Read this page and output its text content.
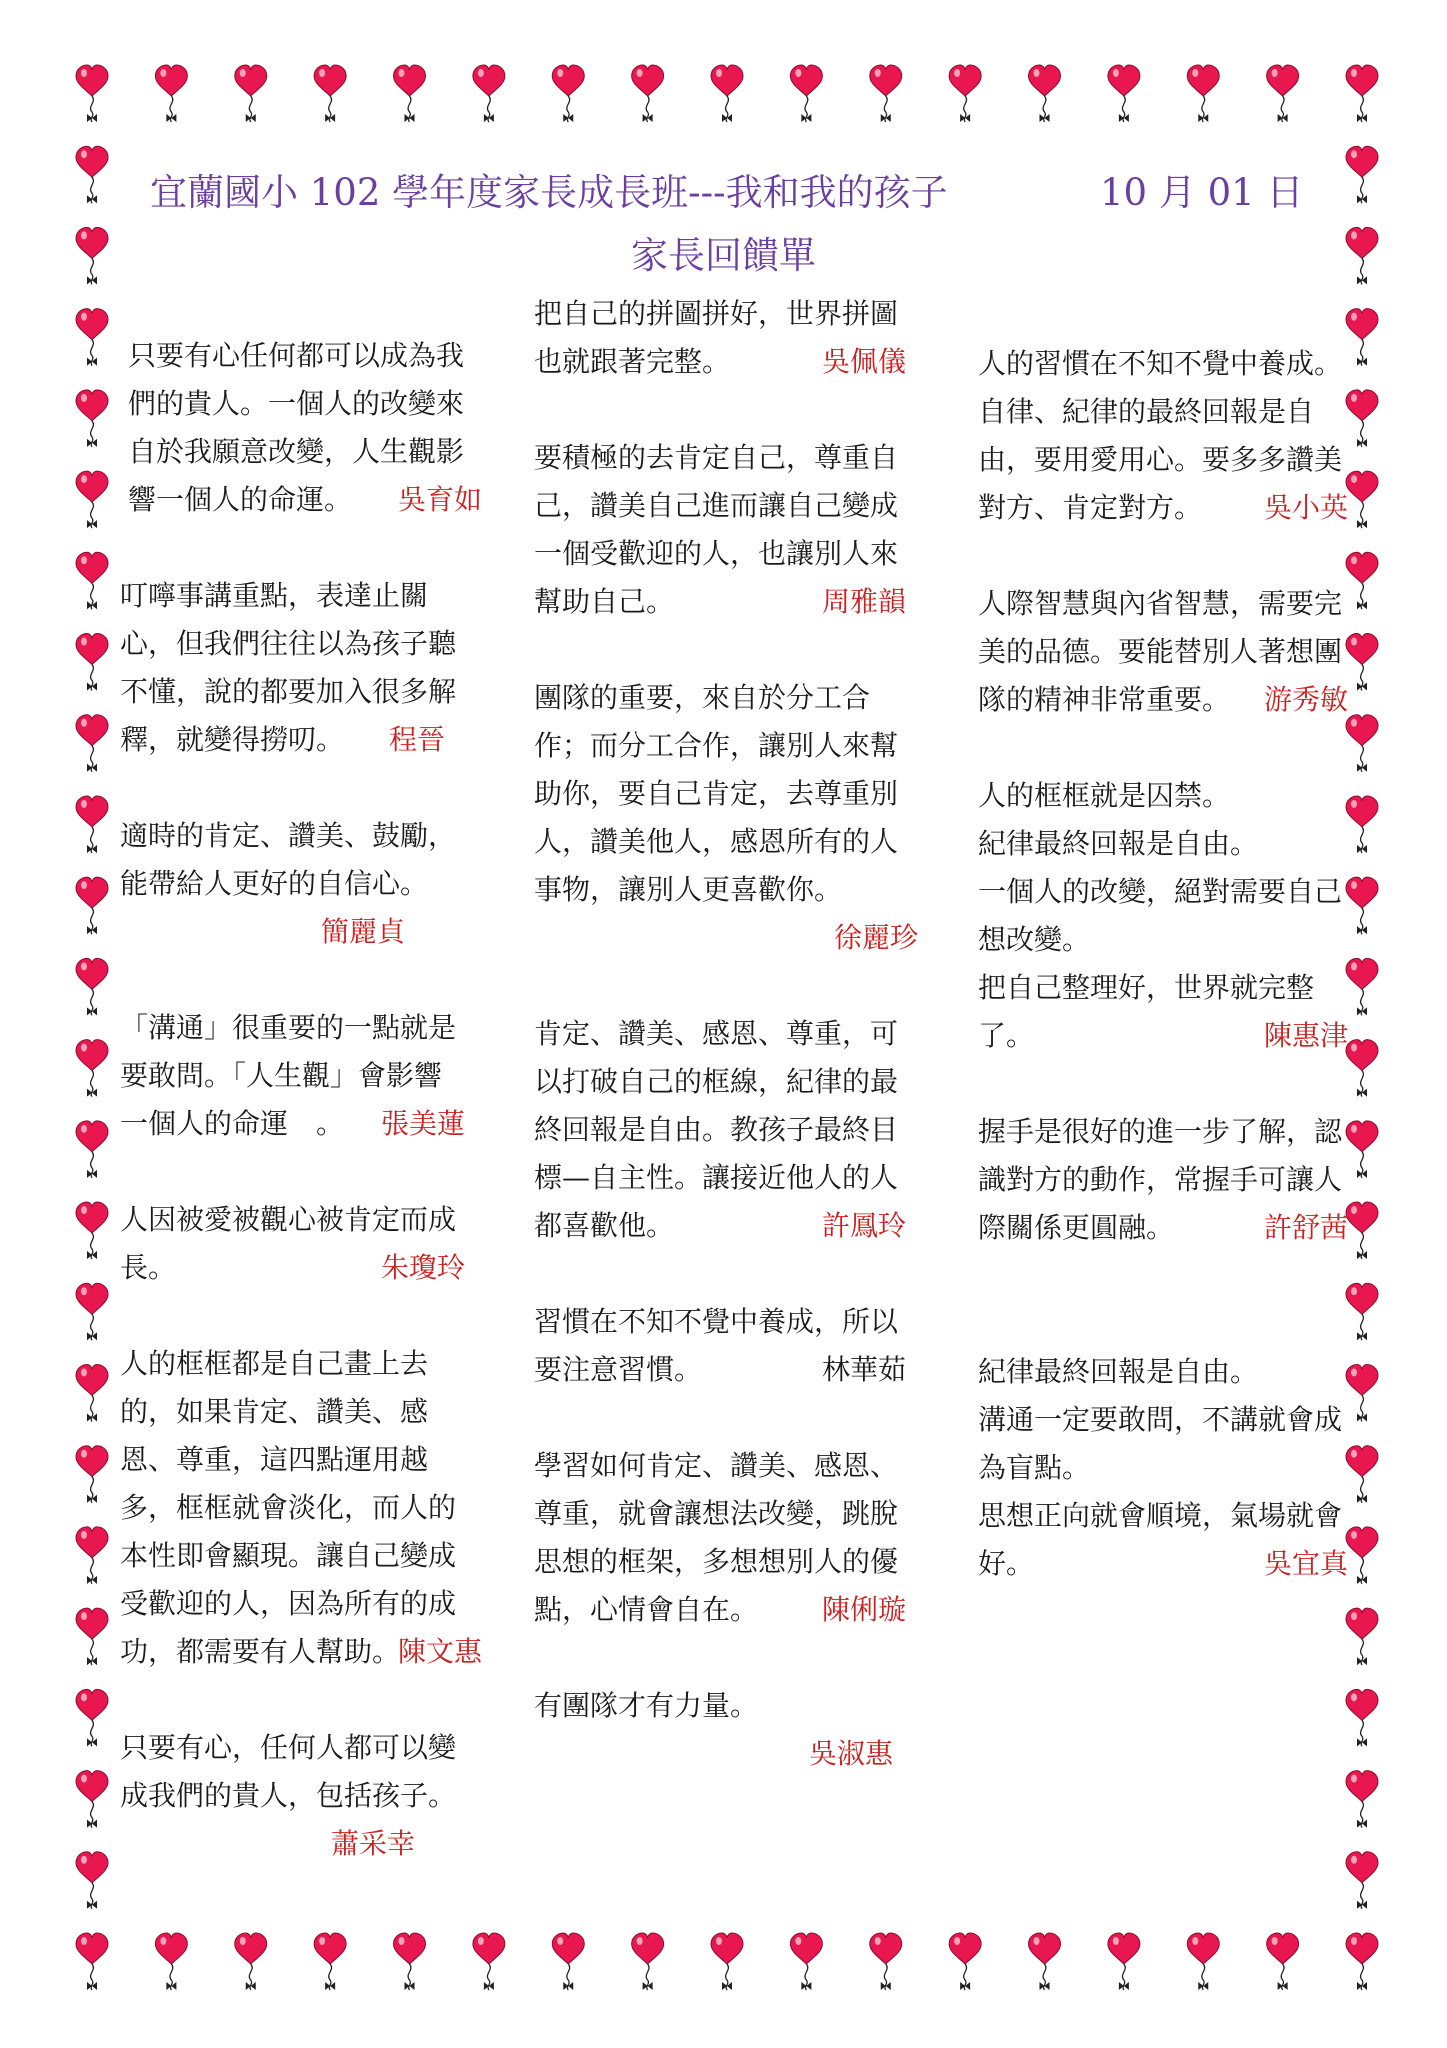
宜蘭國小 102 學年度家長成長班---我和我的孩子	10 月 01 日
家長回饋單

只要有心任何都可以成為我們的貴人。一個人的改變來自於我願意改變，人生觀影響一個人的命運。	吳育如

叮嚀事講重點，表達止關心，但我們往往以為孩子聽不懂，說的都要加入很多解釋，就變得撈叨。	程晉

適時的肯定、讚美、鼓勵，能帶給人更好的自信心。

簡麗貞

「溝通」很重要的一點就是要敢問。「人生觀」會影響一個人的命運　。	張美蓮

人因被愛被觀心被肯定而成長。	朱瓊玲

人的框框都是自己畫上去的，如果肯定、讚美、感恩、尊重，這四點運用越多，框框就會淡化，而人的本性即會顯現。讓自己變成受歡迎的人，因為所有的成功，都需要有人幫助。

陳文惠

只要有心，任何人都可以變成我們的貴人，包括孩子。

蕭采幸

把自己的拼圖拼好，世界拼圖也就跟著完整。	吳佩儀

要積極的去肯定自己，尊重自己，讚美自己進而讓自己變成一個受歡迎的人，也讓別人來幫助自己。	周雅韻

團隊的重要，來自於分工合作；而分工合作，讓別人來幫助你，要自己肯定，去尊重別人，讚美他人，感恩所有的人事物，讓別人更喜歡你。

徐麗珍

肯定、讚美、感恩、尊重，可以打破自己的框線，紀律的最終回報是自由。教孩子最終目標—自主性。讓接近他人的人都喜歡他。	許鳳玲

習慣在不知不覺中養成，所以要注意習慣。	林華茹

學習如何肯定、讚美、感恩、尊重，就會讓想法改變，跳脫思想的框架，多想想別人的優點，心情會自在。	陳俐璇

有團隊才有力量。

吳淑惠

人的習慣在不知不覺中養成。自律、紀律的最終回報是自由，要用愛用心。要多多讚美對方、肯定對方。	吳小英

人際智慧與內省智慧，需要完美的品德。要能替別人著想團隊的精神非常重要。	游秀敏

人的框框就是囚禁。

紀律最終回報是自由。

一個人的改變，絕對需要自己想改變。

把自己整理好，世界就完整了。	陳惠津

握手是很好的進一步了解，認識對方的動作，常握手可讓人際關係更圓融。	許舒茜

紀律最終回報是自由。

溝通一定要敢問，不講就會成為盲點。

思想正向就會順境，氣場就會好。	吳宜真
